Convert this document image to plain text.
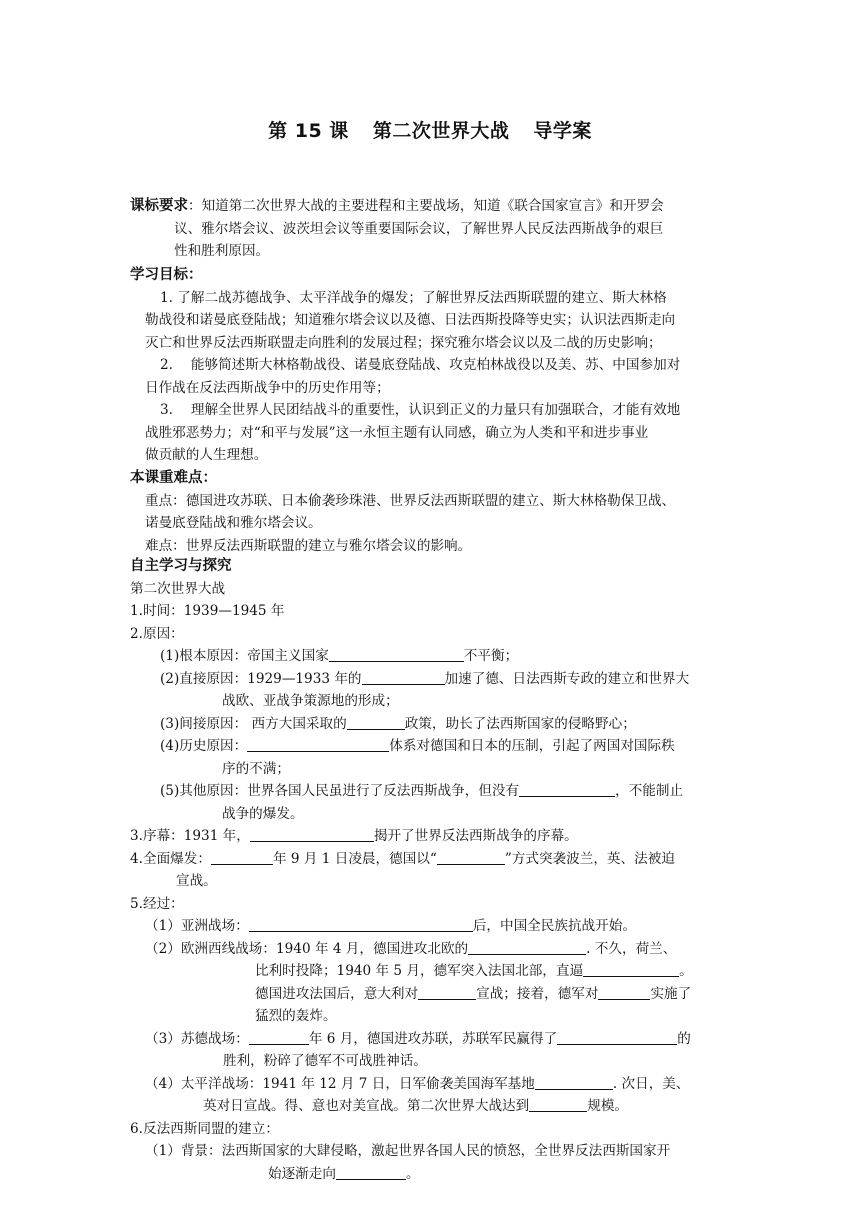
第 15 课 第二次世界大战 导学案
课标要求：知道第二次世界大战的主要进程和主要战场，知道《联合国家宣言》和开罗会
议、雅尔塔会议、波茨坦会议等重要国际会议，了解世界人民反法西斯战争的艰巨
性和胜利原因。
学习目标：
1. 了解二战苏德战争、太平洋战争的爆发；了解世界反法西斯联盟的建立、斯大林格
勒战役和诺曼底登陆战；知道雅尔塔会议以及德、日法西斯投降等史实；认识法西斯走向
灭亡和世界反法西斯联盟走向胜利的发展过程；探究雅尔塔会议以及二战的历史影响；
2.　 能够简述斯大林格勒战役、诺曼底登陆战、攻克柏林战役以及美、苏、中国参加对
日作战在反法西斯战争中的历史作用等；
3.　 理解全世界人民团结战斗的重要性，认识到正义的力量只有加强联合，才能有效地
战胜邪恶势力；对“和平与发展”这一永恒主题有认同感，确立为人类和平和进步事业
做贡献的人生理想。
本课重难点：
重点：德国进攻苏联、日本偷袭珍珠港、世界反法西斯联盟的建立、斯大林格勒保卫战、
诺曼底登陆战和雅尔塔会议。
难点：世界反法西斯联盟的建立与雅尔塔会议的影响。
自主学习与探究
第二次世界大战
1.时间：1939—1945 年
2.原因：
(1)根本原因：帝国主义国家	不平衡；
(2)直接原因：1929—1933 年的	加速了德、日法西斯专政的建立和世界大
战欧、亚战争策源地的形成；
(3)间接原因： 西方大国采取的	政策，助长了法西斯国家的侵略野心；
(4)历史原因：	体系对德国和日本的压制，引起了两国对国际秩
序的不满；
(5)其他原因：世界各国人民虽进行了反法西斯战争，但没有	，不能制止
战争的爆发。
3.序幕：1931 年，	揭开了世界反法西斯战争的序幕。
4.全面爆发：	年 9 月 1 日凌晨，德国以“	”方式突袭波兰，英、法被迫
宣战。
5.经过：
（1）亚洲战场：	后，中国全民族抗战开始。
（2）欧洲西线战场：1940 年 4 月，德国进攻北欧的	. 不久，荷兰、
比利时投降；1940 年 5 月，德军突入法国北部，直逼	。
德国进攻法国后，意大利对	宣战；接着，德军对	实施了
猛烈的轰炸。
（3）苏德战场：	年 6 月，德国进攻苏联，苏联军民赢得了	的
胜利，粉碎了德军不可战胜神话。
（4）太平洋战场：1941 年 12 月 7 日，日军偷袭美国海军基地	. 次日，美、
英对日宣战。得、意也对美宣战。第二次世界大战达到	规模。
6.反法西斯同盟的建立：
（1）背景：法西斯国家的大肆侵略，激起世界各国人民的愤怒，全世界反法西斯国家开
始逐渐走向	。
